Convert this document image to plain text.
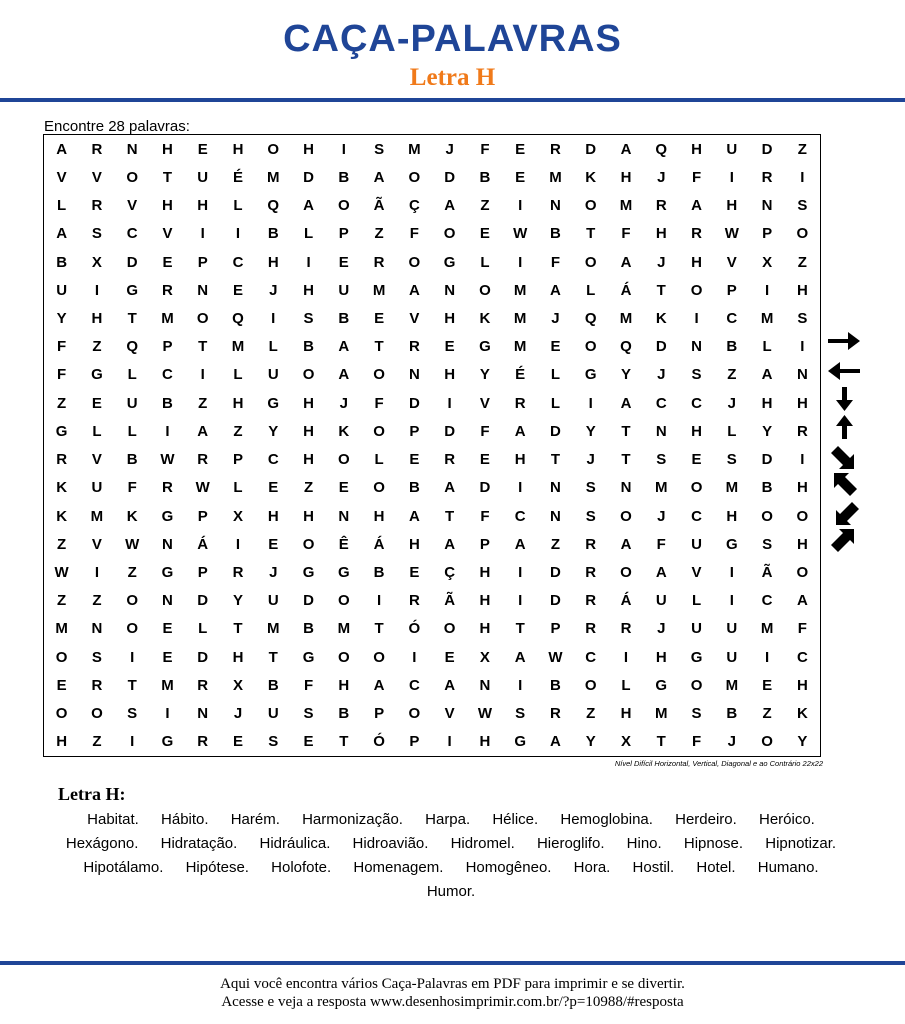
CAÇA-PALAVRAS
Letra H
Encontre 28 palavras:
A	R	N	H	E	H	O	H	I	S	M	J	F	E	R	D	A	Q	H	U	D	Z
V	V	O	T	U	É	M	D	B	A	O	D	B	E	M	K	H	J	F	I	R	I
L	R	V	H	H	L	Q	A	O	Ã	Ç	A	Z	I	N	O	M	R	A	H	N	S
A	S	C	V	I	I	B	L	P	Z	F	O	E	W	B	T	F	H	R	W	P	O
B	X	D	E	P	C	H	I	E	R	O	G	L	I	F	O	A	J	H	V	X	Z
U	I	G	R	N	E	J	H	U	M	A	N	O	M	A	L	Á	T	O	P	I	H
Y	H	T	M	O	Q	I	S	B	E	V	H	K	M	J	Q	M	K	I	C	M	S
F	Z	Q	P	T	M	L	B	A	T	R	E	G	M	E	O	Q	D	N	B	L	I
F	G	L	C	I	L	U	O	A	O	N	H	Y	É	L	G	Y	J	S	Z	A	N
Z	E	U	B	Z	H	G	H	J	F	D	I	V	R	L	I	A	C	C	J	H	H
G	L	L	I	A	Z	Y	H	K	O	P	D	F	A	D	Y	T	N	H	L	Y	R
R	V	B	W	R	P	C	H	O	L	E	R	E	H	T	J	T	S	E	S	D	I
K	U	F	R	W	L	E	Z	E	O	B	A	D	I	N	S	N	M	O	M	B	H
K	M	K	G	P	X	H	H	N	H	A	T	F	C	N	S	O	J	C	H	O	O
Z	V	W	N	Á	I	E	O	Ê	Á	H	A	P	A	Z	R	A	F	U	G	S	H
W	I	Z	G	P	R	J	G	G	B	E	Ç	H	I	D	R	O	A	V	I	Ã	O
Z	Z	O	N	D	Y	U	D	O	I	R	Ã	H	I	D	R	Á	U	L	I	C	A
M	N	O	E	L	T	M	B	M	T	Ó	O	H	T	P	R	R	J	U	U	M	F
O	S	I	E	D	H	T	G	O	O	I	E	X	A	W	C	I	H	G	U	I	C
E	R	T	M	R	X	B	F	H	A	C	A	N	I	B	O	L	G	O	M	E	H
O	O	S	I	N	J	U	S	B	P	O	V	W	S	R	Z	H	M	S	B	Z	K
H	Z	I	G	R	E	S	E	T	Ó	P	I	H	G	A	Y	X	T	F	J	O	Y
Nível Difícil Horizontal, Vertical, Diagonal e ao Contrário 22x22
Letra H:
Habitat. Hábito. Harém. Harmonização. Harpa. Hélice. Hemoglobina. Herdeiro. Heróico. Hexágono. Hidratação. Hidráulica. Hidroavião. Hidromel. Hieroglifo. Hino. Hipnose. Hipnotizar. Hipotálamo. Hipótese. Holofote. Homenagem. Homogêneo. Hora. Hostil. Hotel. Humano. Humor.
Aqui você encontra vários Caça-Palavras em PDF para imprimir e se divertir.
Acesse e veja a resposta www.desenhosimprimir.com.br/?p=10988/#resposta
